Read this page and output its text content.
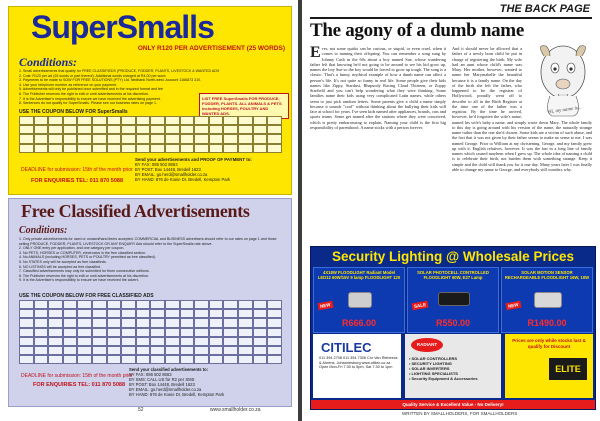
SuperSmalls
ONLY R120 PER ADVERTISEMENT (25 WORDS)
Conditions:
1. Small advertisements that qualify for FREE CLASSIFIEDS (PRODUCE, FODDER, PLANTS, LIVESTOCK & WANTED ADS
2. Cost: R120 per ad (25 words or part thereof). Additional words charged at R4,00 per word.
3. Payments to be made to SOW FOR FREE SOLUTIONS (PTY) Ltd, Nedbank North-west. Account 1166873 310.
4. Use your telephone number as reference on your payment.
5. Advertisements will only be published once submitted and in the required format and fee
6. The Publisher reserves the right to edit or omit advertisements at his discretion.
7. It is the Advertiser's responsibility to ensure we have received the advertising payment.
8. Sentences do not qualify for SuperSmalls. Please see our business rates on page 1.
LIST FREE SuperSmalls FOR PRODUCE, FODDER, PLANTS. ALL ANIMALS & PETS including HORSES, POULTRY AND WANTED ADS.
USE THE COUPON BELOW FOR SuperSmalls
Send your advertisements and PROOF OF PAYMENT to:
BY FAX: 086 502 8663
BY POST: Box 14448, Bredell 1623
BY EMAIL: go.herd@smallholder.co.za
BY HAND: 876 de Koeie Dr, Bredell, Kempton Park
DEADLINE for submission: 15th of the month prior
FOR ENQUIRIES TEL: 011 870 5088
Free Classified Advertisements
Conditions:
1. Only private advertisements for used or unused/hand items accepted. COMMERCIAL and BUSINESS advertisers should refer to our rates on page 1 and those selling PRODUCE, FODDER, PLANTS, LIVESTOCK OR ANY ENQUIRY Ads should refer to the SuperSmalls rate above.
2. ONLY ONE entry per application, and one category per coupon.
3. No PETS, HORSES or COMPUTER, electronics in the free classified section.
4. No ANIMALS (including HORSES, PETS or POULTRY permitted as free classified).
5. No STATES only will be accepted as free classifieds.
6. NO LISTINGS will be accepted as free classified.
7. Classified advertisements may only be submitted for three consecutive editions.
8. The Publisher reserves the right to edit or omit advertisements at his discretion.
9. It is the Advertiser's responsibility to ensure we have received the advert.
USE THE COUPON BELOW FOR FREE CLASSIFIED ADS
Send your classified advertisements to:
BY FAX: 086 502 8663
BY SMS: CALL US for R2 per SMS
BY POST: Box 14448, Bredell 1623
BY EMAIL: go.herd@smallholder.co.za
BY HAND: 876 de Koeie Dr, Bredell, Kempton Park
DEADLINE for submission: 15th of the month prior
FOR ENQUIRIES TEL: 011 870 5088
52	www.smallholder.co.za
THE BACK PAGE
The agony of a dumb name
Ever, not some quirks can be curious, or stupid, or even cruel, when it comes to naming their offspring. You can remember a song sung by Johnny Cash in the 60s about a boy named Sue, whose wandering father felt that knowing he'd not going to be around to see his kid grow up, names the boy Sue so the boy would be forced to grow up tough. The song is a classic. That's a funny, mythical example of how a dumb name can affect a person's life. It's not quite so funny in real life. Some people give their kids names like Zippy, Stardust, Rhapsody Racing Cloud Thirteen, or Zoppy Starfield and you can't help wondering what they were thinking. Some families name their kids using very complicated Latin names, while others seem to just pick random letters. Some parents give a child a name simply because it sounds "cool" without thinking about the bullying their kids will face at school for years. I've seen kids named after appliances, brands, cars and sports teams. Some get named after the stations where they were conceived, which is pretty embarrassing to explain. Naming your child is the first big responsibility of parenthood. A name sticks with a person forever.
And it should never be allowed that a father of a newly born child be put in charge of registering the birth. My wife had an aunt whose child's name was Mary. Her mother, however, wanted to name her Marymabelle the beautiful because it is a family name. On the day of the birth she left the father, who happened to be the registrar of Hollywood, proudly went off to describe to all in the Birth Register at the time one of the father was a registrar. By the time he arrived, however, he'd forgotten the wife's name, named his wife's baby a name, and simply wrote down Mary. The whole family to this day is going around with his version of the name, the naturally strange name rather than the one she'd chosen. Some kids are a victim of such abuse, and the fact that it was not given by their father seems to make no sense to me. I was named George. Prior to William at my christening. George, and my family grew up with it. English relatives, however. It was the last in a long line of family names which caused mayhem when I grew up. The whole idea of naming a child is to celebrate their birth, not burden them with something strange. Keep it simple and the child will thank you for it one day. Many years later I was finally able to change my name to George, and everybody still wonders why.
Hi, my name is...
Security Lighting @ Wholesale Prices
4X18W FLOODLIGHT Radiant Model LED12 60W/15V 9 lamp FLOODLIGHT 120
NEW
R666.00
SOLAR PHOTOCELL CONTROLLED FLOODLIGHT 60W, E27 Lamp
SALE
R550.00
SOLAR MOTION SENSOR RECHARGEABLE FLOODLIGHT 16W, 10W
NEW
R1490.00
CITILEC
011 394 2708 011 394 7306 Cnr Van Riebeeck & Ahrens, Johannesburg www.citilec.co.za Open Mon-Fri 7.30 to 5pm, Sat 7.30 to 1pm
RADIANT
• SOLAR CONTROLLERS
• SECURITY LIGHTING
• SOLAR INVERTERS
• LIGHTING SPECIALISTS
• Security Equipment & Accessories
Prices are only while stocks last & qualify for Discount
ELITE
Quality Service & Excellent Value - No Delivery!
WRITTEN BY SMALLHOLDERS, FOR SMALLHOLDERS
